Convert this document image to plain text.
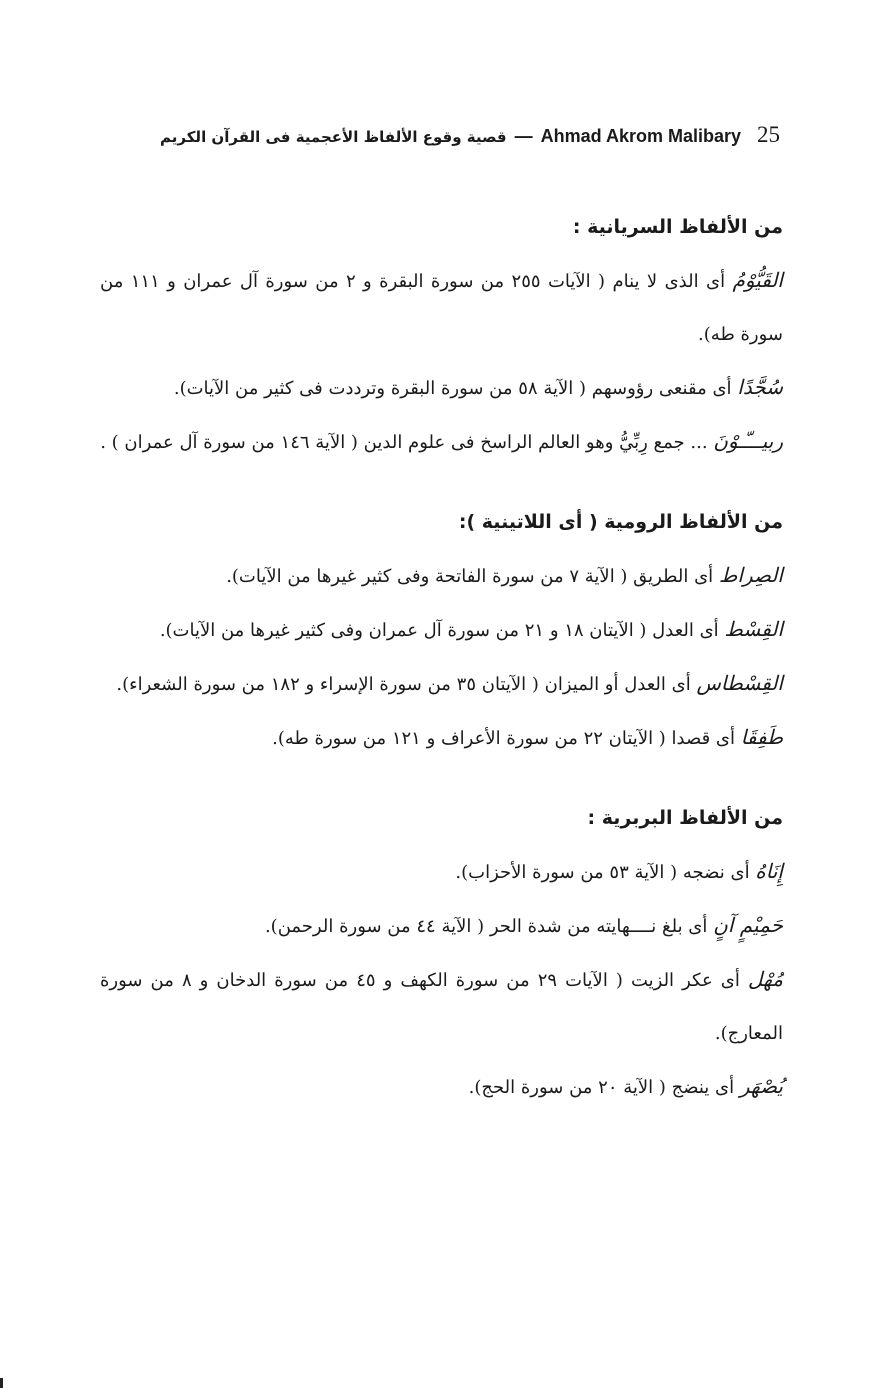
قصية وقوع الألفاظ الأعجمية فى القرآن الكريم — Ahmad Akrom Malibary 25
من الألفاظ السريانية :
القَيُّوْمُ أى الذى لا ينام ( الآيات ٢٥٥ من سورة البقرة و ٢ من سورة آل عمران و ١١١ من سورة طه).
سُجَّدًا أى مقنعى رؤوسهم ( الآية ٥٨ من سورة البقرة وترددت فى كثير من الآيات).
ربيـــّـوْنَ ... جمع رِبِّيُّ وهو العالم الراسخ فى علوم الدين ( الآية ١٤٦ من سورة آل عمران ) .
من الألفاظ الرومية ( أى اللاتينية ):
الصِراط أى الطريق ( الآية ٧ من سورة الفاتحة وفى كثير غيرها من الآيات).
القِسْط أى العدل ( الآيتان ١٨ و ٢١ من سورة آل عمران وفى كثير غيرها من الآيات).
القِسْطاس أى العدل أو الميزان ( الآيتان ٣٥ من سورة الإسراء و ١٨٢ من سورة الشعراء).
طَفِقَا أى قصدا ( الآيتان ٢٢ من سورة الأعراف و ١٢١ من سورة طه).
من الألفاظ البربرية :
إِنَاهُ أى نضجه ( الآية ٥٣ من سورة الأحزاب).
حَمِيْمٍ آنٍ أى بلغ نــــهايته من شدة الحر ( الآية ٤٤ من سورة الرحمن).
مُهْل أى عكر الزيت ( الآيات ٢٩ من سورة الكهف و ٤٥ من سورة الدخان و ٨ من سورة المعارج).
يُصْهَر أى ينضج ( الآية ٢٠ من سورة الحج).
